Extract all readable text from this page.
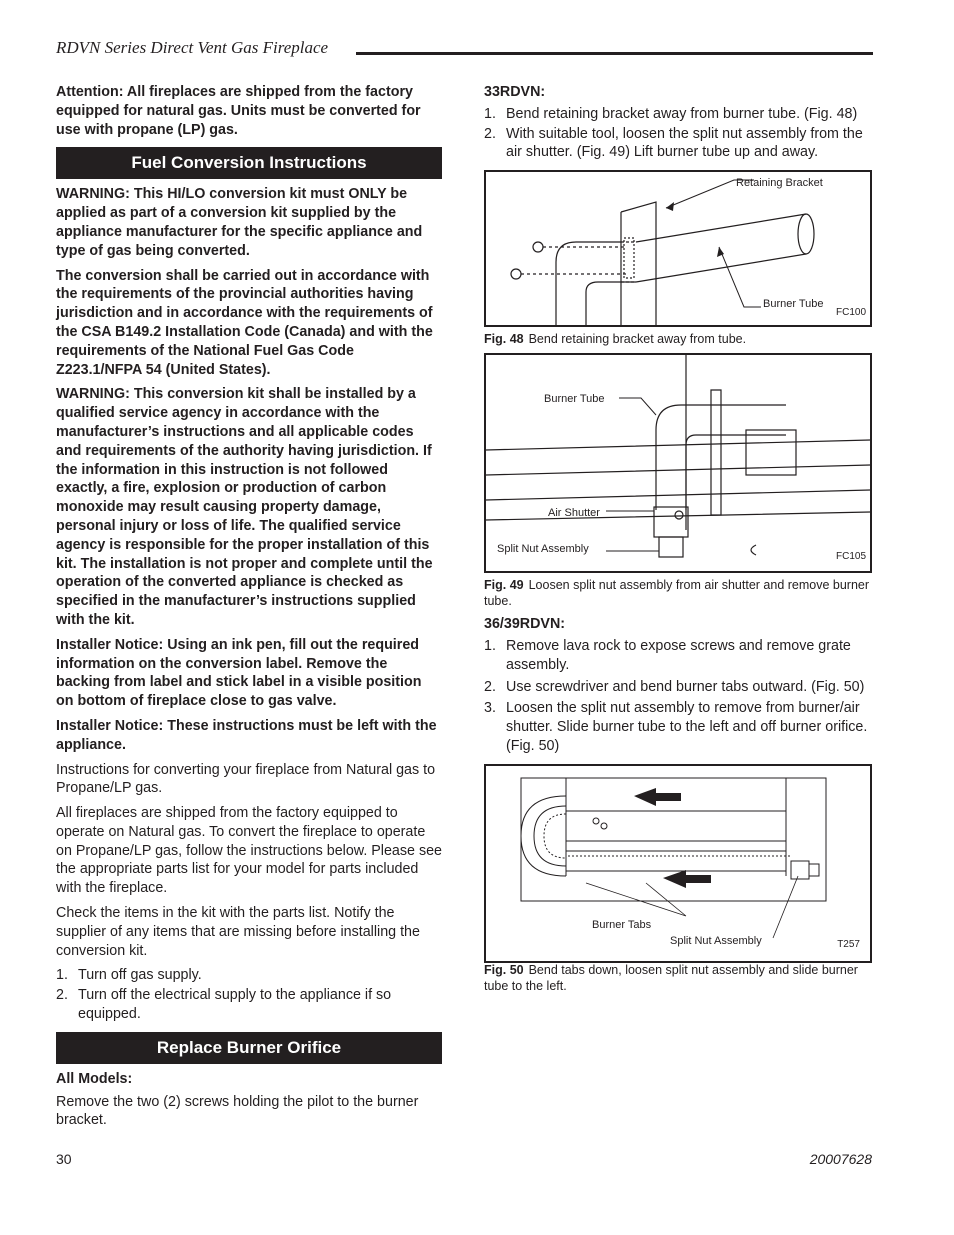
RDVN Series Direct Vent Gas Fireplace

Attention: All fireplaces are shipped from the factory equipped for natural gas. Units must be converted for use with propane (LP) gas.

Fuel Conversion Instructions

WARNING: This HI/LO conversion kit must ONLY be applied as part of a conversion kit supplied by the appliance manufacturer for the specific appliance and type of gas being converted.

The conversion shall be carried out in accordance with the requirements of the provincial authorities having jurisdiction and in accordance with the requirements of the CSA B149.2 Installation Code (Canada) and with the requirements of the National Fuel Gas Code Z223.1/NFPA 54 (United States).

WARNING: This conversion kit shall be installed by a qualified service agency in accordance with the manufacturer’s instructions and all applicable codes and requirements of the authority having jurisdiction. If the information in this instruction is not followed exactly, a fire, explosion or production of carbon monoxide may result causing property damage, personal injury or loss of life. The qualified service agency is responsible for the proper installation of this kit. The installation is not proper and complete until the operation of the converted appliance is checked as specified in the manufacturer’s instructions supplied with the kit.

Installer Notice: Using an ink pen, fill out the required information on the conversion label. Remove the backing from label and stick label in a visible position on bottom of fireplace close to gas valve.

Installer Notice: These instructions must be left with the appliance.

Instructions for converting your fireplace from Natural gas to Propane/LP gas.

All fireplaces are shipped from the factory equipped to operate on Natural gas. To convert the fireplace to operate on Propane/LP gas, follow the instructions below. Please see the appropriate parts list for your model for parts included with the fireplace.

Check the items in the kit with the parts list. Notify the supplier of any items that are missing before installing the conversion kit.

1. Turn off gas supply.
2. Turn off the electrical supply to the appliance if so equipped.
Replace Burner Orifice

All Models:

Remove the two (2) screws holding the pilot to the burner bracket.

33RDVN:

1. Bend retaining bracket away from burner tube. (Fig. 48)
2. With suitable tool, loosen the split nut assembly from the air shutter. (Fig. 49) Lift burner tube up and away.
Retaining Bracket
Burner Tube
FC100
Fig. 48 Bend retaining bracket away from tube.
Burner Tube
Air Shutter
Split Nut Assembly
FC105
Fig. 49 Loosen split nut assembly from air shutter and remove burner tube.

36/39RDVN:

1. Remove lava rock to expose screws and remove grate assembly.
2. Use screwdriver and bend burner tabs outward. (Fig. 50)
3. Loosen the split nut assembly to remove from burner/air shutter. Slide burner tube to the left and off burner orifice. (Fig. 50)
Burner Tabs
Split Nut Assembly	T257
Fig. 50 Bend tabs down, loosen split nut assembly and slide burner tube to the left.
30	20007628
